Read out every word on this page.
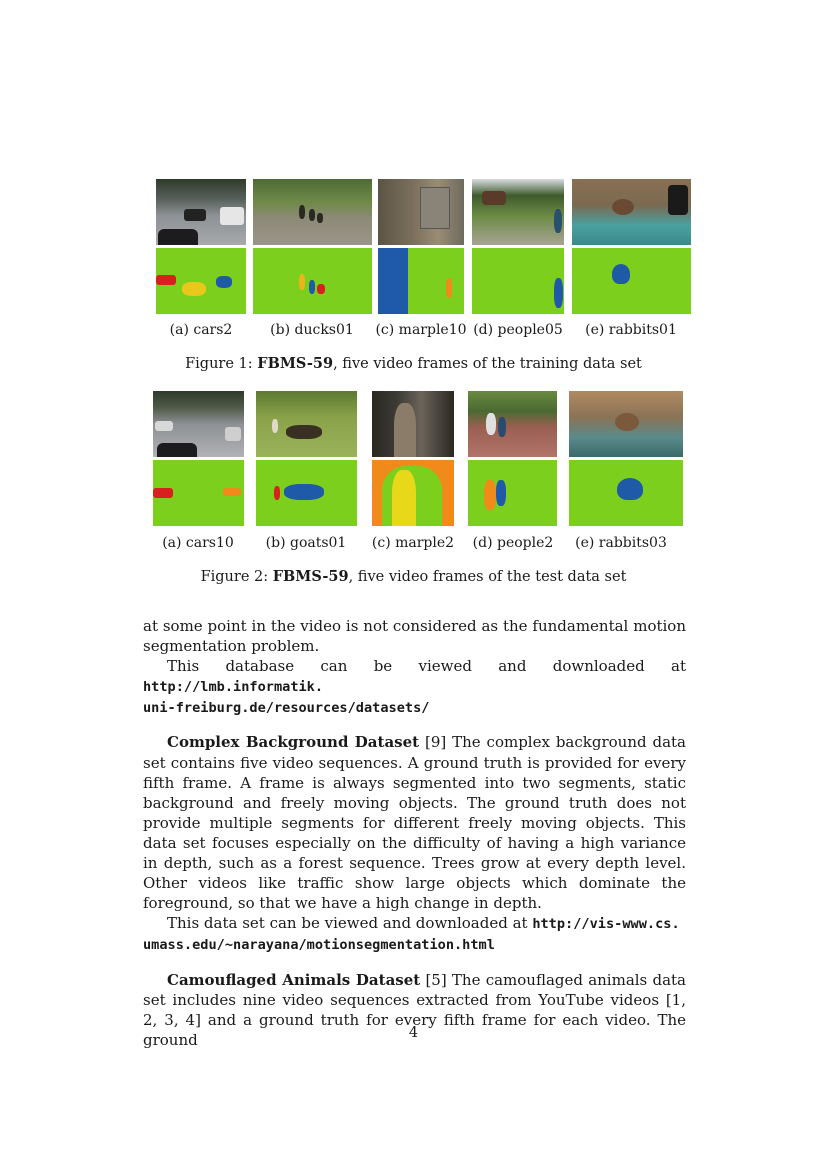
(a) cars2	(b) ducks01	(c) marple10 (d) people05	(e) rabbits01
Figure 1: FBMS-59, five video frames of the training data set
(a) cars10	(b) goats01	(c) marple2	(d) people2	(e) rabbits03
Figure 2: FBMS-59, five video frames of the test data set

at some point in the video is not considered as the fundamental motion segmentation problem.

This database can be viewed and downloaded at http://lmb.informatik.
uni-freiburg.de/resources/datasets/

Complex Background Dataset [9] The complex background data set contains five video sequences. A ground truth is provided for every fifth frame. A frame is always segmented into two segments, static background and freely moving objects. The ground truth does not provide multiple segments for different freely moving objects. This data set focuses especially on the difficulty of having a high variance in depth, such as a forest sequence. Trees grow at every depth level. Other videos like traffic show large objects which dominate the foreground, so that we have a high change in depth.

This data set can be viewed and downloaded at http://vis-www.cs.
umass.edu/~narayana/motionsegmentation.html

Camouflaged Animals Dataset [5] The camouflaged animals data set includes nine video sequences extracted from YouTube videos [1, 2, 3, 4] and a ground truth for every fifth frame for each video. The ground	4
